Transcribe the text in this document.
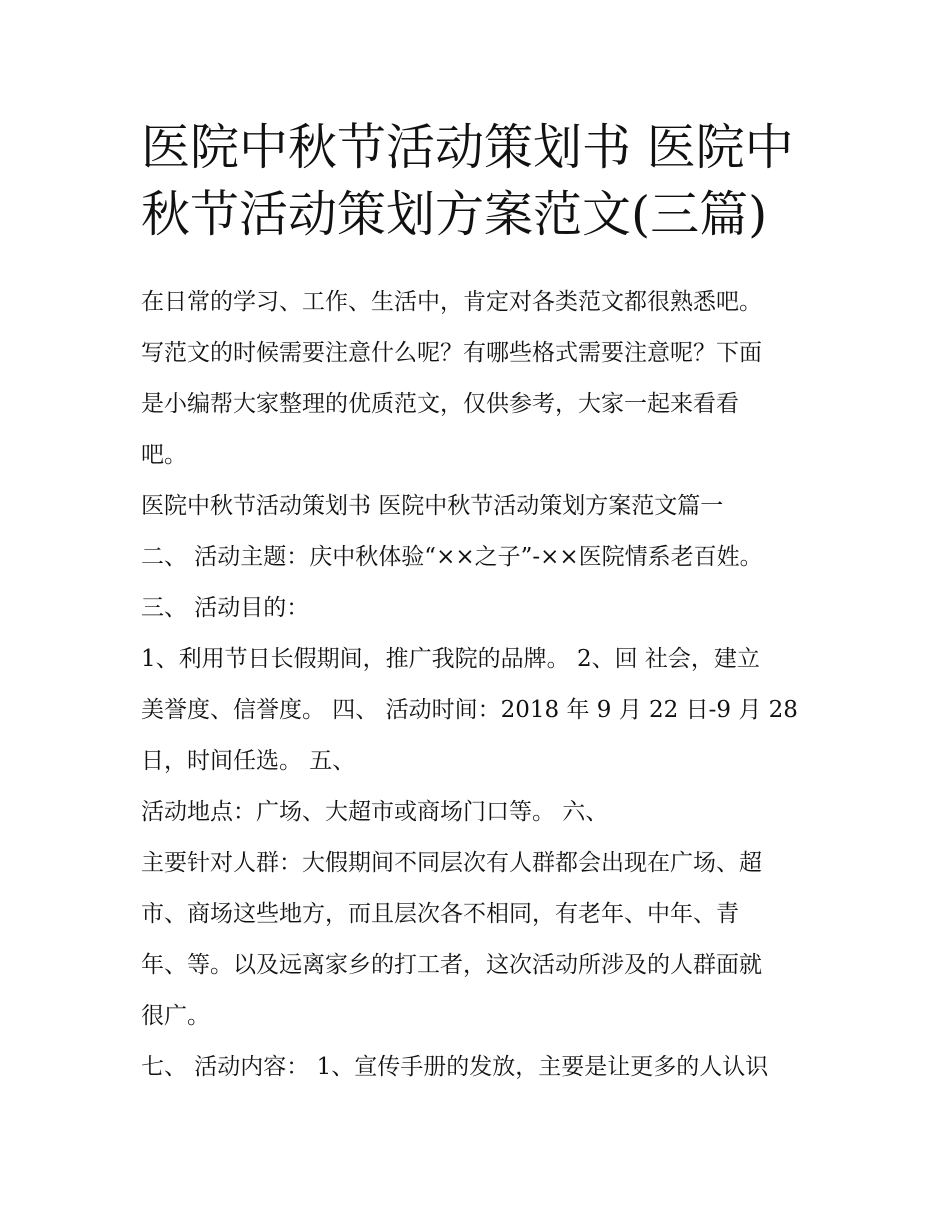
医院中秋节活动策划书 医院中
秋节活动策划方案范文(三篇)

在日常的学习、工作、生活中，肯定对各类范文都很熟悉吧。

写范文的时候需要注意什么呢？有哪些格式需要注意呢？下面

是小编帮大家整理的优质范文，仅供参考，大家一起来看看

吧。

医院中秋节活动策划书 医院中秋节活动策划方案范文篇一

二、 活动主题：庆中秋体验“××之子”-××医院情系老百姓。

三、 活动目的：

1、利用节日长假期间，推广我院的品牌。 2、回 社会，建立

美誉度、信誉度。 四、 活动时间：2018 年 9 月 22 日-9 月 28

日，时间任选。 五、

活动地点：广场、大超市或商场门口等。 六、

主要针对人群：大假期间不同层次有人群都会出现在广场、超

市、商场这些地方，而且层次各不相同，有老年、中年、青

年、等。以及远离家乡的打工者，这次活动所涉及的人群面就

很广。

七、 活动内容： 1、宣传手册的发放，主要是让更多的人认识
